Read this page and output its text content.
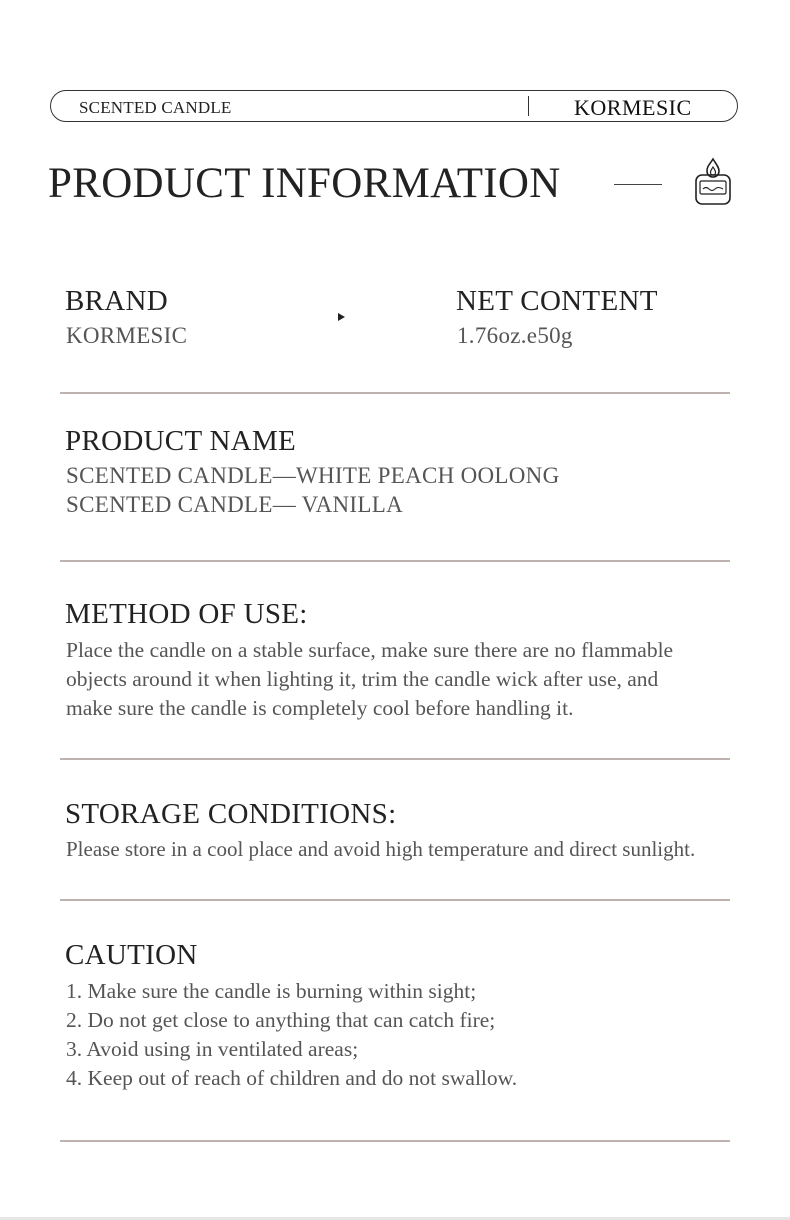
SCENTED CANDLE	KORMESIC
PRODUCT INFORMATION
BRAND
KORMESIC
NET CONTENT
1.76oz.e50g
PRODUCT NAME
SCENTED CANDLE—WHITE PEACH OOLONG
SCENTED CANDLE— VANILLA
METHOD OF USE:
Place the candle on a stable surface, make sure there are no flammable
objects around it when lighting it, trim the candle wick after use, and
make sure the candle is completely cool before handling it.
STORAGE CONDITIONS:
Please store in a cool place and avoid high temperature and direct sunlight.
CAUTION
1. Make sure the candle is burning within sight;
2. Do not get close to anything that can catch fire;
3. Avoid using in ventilated areas;
4. Keep out of reach of children and do not swallow.
